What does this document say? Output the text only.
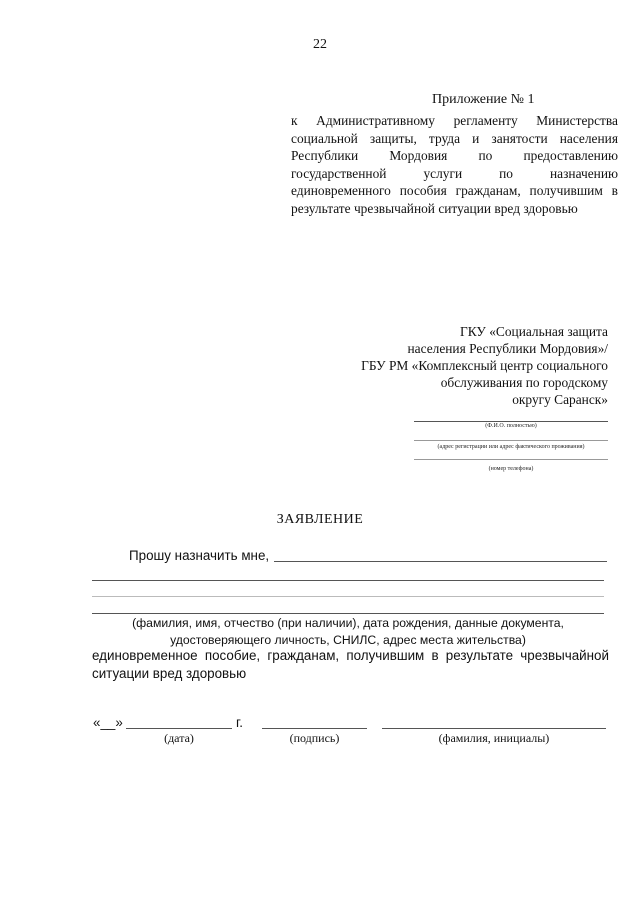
22
Приложение № 1
к Административному регламенту Министерства социальной защиты, труда и занятости населения Республики Мордовия по предоставлению государственной услуги по назначению единовременного пособия гражданам, получившим в результате чрезвычайной ситуации вред здоровью
ГКУ «Социальная защита
населения Республики Мордовия»/
ГБУ РМ «Комплексный центр социального
обслуживания по городскому
округу Саранск»
(Ф.И.О. полностью)
(адрес регистрации или адрес фактического проживания)
(номер телефона)
ЗАЯВЛЕНИЕ
Прошу назначить мне,
(фамилия, имя, отчество (при наличии), дата рождения, данные документа,
удостоверяющего личность, СНИЛС, адрес места жительства)
единовременное пособие, гражданам, получившим в результате чрезвычайной
ситуации вред здоровью
«__»	г.
(дата)	(подпись)	(фамилия, инициалы)
